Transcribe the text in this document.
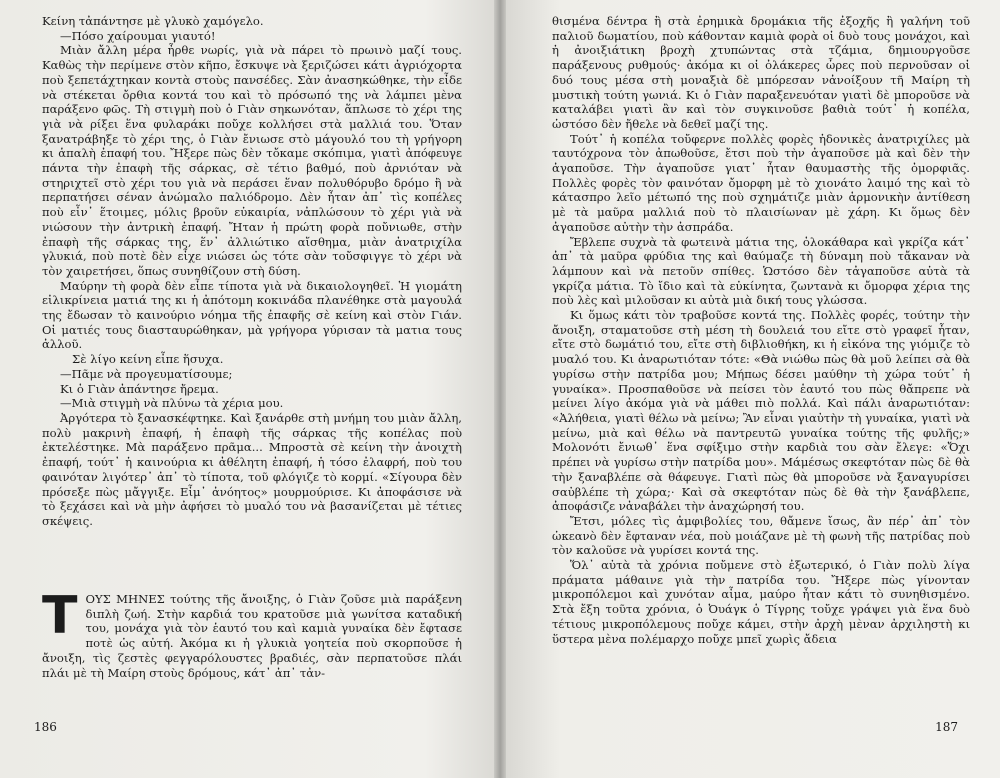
Κείνη τἀπάντησε μὲ γλυκὸ χαμόγελο.

—Πόσο χαίρουμαι γιαυτό!

Μιὰν ἄλλη μέρα ἦρθε νωρίς, γιὰ νὰ πάρει τὸ πρωινὸ μαζί τους. Καθὼς τὴν περίμενε στὸν κῆπο, ἔσκυψε νὰ ξεριζώσει κάτι ἀγριόχορτα ποὺ ξεπετάχτηκαν κοντὰ στοὺς πανσέδες. Σὰν ἀνασηκώθηκε, τὴν εἶδε νὰ στέκεται ὄρθια κοντά του καὶ τὸ πρόσωπό της νὰ λάμπει μὲνα παράξενο φῶς. Τὴ στιγμὴ ποὺ ὁ Γιὰν σηκωνόταν, ἅπλωσε τὸ χέρι της γιὰ νὰ ρίξει ἕνα φυλαράκι ποὔχε κολλήσει στὰ μαλλιά του. Ὅταν ξανατράβηξε τὸ χέρι της, ὁ Γιὰν ἔνιωσε στὸ μάγουλό του τὴ γρήγορη κι ἁπαλὴ ἐπαφή του. Ἤξερε πὼς δὲν τὄκαμε σκόπιμα, γιατὶ ἀπόφευγε πάντα τὴν ἐπαφὴ τῆς σάρκας, σὲ τέτιο βαθμό, ποὺ ἀρνιόταν νὰ στηριχτεῖ στὸ χέρι του γιὰ νὰ περάσει ἕναν πολυθόρυβο δρόμο ἢ νὰ περπατήσει σέναν ἀνώμαλο παλιόδρομο. Δὲν ἦταν ἀπ᾿ τὶς κοπέλες ποὺ εἶν᾿ ἕτοιμες, μόλις βροῦν εὐκαιρία, νἀπλώσουν τὸ χέρι γιὰ νὰ νιώσουν τὴν ἀντρικὴ ἐπαφή. Ἤταν ἡ πρώτη φορὰ ποὔνιωθε, στὴν ἐπαφὴ τῆς σάρκας της, ἕν᾿ ἀλλιώτικο αἴσθημα, μιὰν ἀνατριχίλα γλυκιά, ποὺ ποτὲ δὲν εἶχε νιώσει ὡς τότε σὰν τοὔσφιγγε τὸ χέρι νὰ τὸν χαιρετήσει, ὅπως συνηθίζουν στὴ δύση.

Μαύρην τὴ φορὰ δὲν εἶπε τίποτα γιὰ νὰ δικαιολογηθεῖ. Ἡ γιομάτη εἰλικρίνεια ματιά της κι ἡ ἀπότομη κοκινάδα πλανέθηκε στὰ μαγουλά της ἔδωσαν τὸ καινούριο νόημα τῆς ἐπαφῆς σὲ κείνη καὶ στὸν Γιάν. Οἱ ματιές τους διασταυρώθηκαν, μὰ γρήγορα γύρισαν τὰ ματια τους ἀλλοῦ.

Σὲ λίγο κείνη εἶπε ἥσυχα.

—Πᾶμε νὰ προγευματίσουμε;

Κι ὁ Γιὰν ἀπάντησε ἤρεμα.

—Μιὰ στιγμὴ νὰ πλύνω τὰ χέρια μου.

Ἀργότερα τὸ ξανασκέφτηκε. Καὶ ξανάρθε στὴ μνήμη του μιὰν ἄλλη, πολὺ μακρινὴ ἐπαφή, ἡ ἐπαφὴ τῆς σάρκας τῆς κοπέλας ποὺ ἐκτελέστηκε. Μὰ παράξενο πρᾶμα... Μπροστὰ σὲ κείνη τὴν ἀνοιχτὴ ἐπαφή, τούτ᾿ ἡ καινούρια κι ἀθέλητη ἐπαφή, ἡ τόσο ἐλαφρή, ποὺ του φαινόταν λιγότερ᾿ ἀπ᾿ τὸ τίποτα, τοῦ φλόγιζε τὸ κορμί. «Σίγουρα δὲν πρόσεξε πὼς μἄγγιξε. Εἶμ᾿ ἀνόητος» μουρμούρισε. Κι ἀποφάσισε νὰ τὸ ξεχάσει καὶ νὰ μὴν ἀφήσει τὸ μυαλό του νὰ βασανίζεται μὲ τέτιες σκέψεις.

Τ ΟΥΣ ΜΗΝΕΣ τούτης τῆς ἄνοιξης, ὁ Γιὰν ζοῦσε μιὰ παράξενη διπλὴ ζωή. Στὴν καρδιά του κρατοῦσε μιὰ γωνίτσα καταδική του, μονάχα γιὰ τὸν ἑαυτό του καὶ καμιὰ γυναίκα δὲν ἔφτασε ποτὲ ὡς αὐτή. Ἀκόμα κι ἡ γλυκιὰ γοητεία ποὺ σκορποῦσε ἡ ἄνοιξη, τὶς ζεστὲς φεγγαρόλουστες βραδιές, σὰν περπατοῦσε πλάι πλάι μὲ τὴ Μαίρη στοὺς δρόμους, κάτ᾿ ἀπ᾿ τἀν-
186

θισμένα δέντρα ἢ στὰ ἐρημικὰ δρομάκια τῆς ἐξοχῆς ἢ γαλήνη τοῦ παλιοῦ δωματίου, ποὺ κάθονταν καμιὰ φορὰ οἱ δυὸ τους μονάχοι, καὶ ἡ ἀνοιξιάτικη βροχὴ χτυπώντας στὰ τζάμια, δημιουργοῦσε παράξενους ρυθμούς· ἀκόμα κι οἱ ὀλάκερες ὧρες ποὺ περνοῦσαν οἱ δυό τους μέσα στὴ μοναξιὰ δὲ μπόρεσαν νἀνοίξουν τῆ Μαίρη τὴ μυστικὴ τούτη γωνιά. Κι ὁ Γιὰν παραξενευόταν γιατὶ δὲ μποροῦσε νὰ καταλάβει γιατὶ ἂν καὶ τὸν συγκινοῦσε βαθιὰ τούτ᾿ ἡ κοπέλα, ὡστόσο δὲν ἤθελε νὰ δεθεῖ μαζί της.

Τούτ᾿ ἡ κοπέλα τοὔφερνε πολλὲς φορὲς ἡδονικὲς ἀνατριχίλες μὰ ταυτόχρονα τὸν ἀπωθοῦσε, ἔτσι ποὺ τὴν ἀγαποῦσε μὰ καὶ δὲν τὴν ἀγαποῦσε. Τὴν ἀγαποῦσε γιατ᾿ ἦταν θαυμαστὴς τῆς ὀμορφιᾶς. Πολλὲς φορὲς τὸν φαινόταν ὄμορφη μὲ τὸ χιονάτο λαιμό της καὶ τὸ κάτασπρο λεῖο μέτωπό της ποὺ σχημάτιζε μιὰν ἁρμονικὴν ἀντίθεση μὲ τὰ μαῦρα μαλλιά ποὺ τὸ πλαισίωναν μὲ χάρη. Κι ὅμως δὲν ἀγαποῦσε αὐτὴν τὴν ἀσπράδα.

Ἔβλεπε συχνὰ τὰ φωτεινὰ μάτια της, ὁλοκάθαρα καὶ γκρίζα κάτ᾿ ἀπ᾿ τὰ μαῦρα φρύδια της καὶ θαύμαζε τὴ δύναμη ποὺ τἄκαναν νὰ λάμπουν καὶ νὰ πετοῦν σπίθες. Ὡστόσο δὲν τἀγαποῦσε αὐτὰ τὰ γκρίζα μάτια. Τὸ ἴδιο καὶ τὰ εὐκίνητα, ζωντανὰ κι ὄμορφα χέρια της ποὺ λὲς καὶ μιλοῦσαν κι αὐτὰ μιὰ δική τους γλώσσα.

Κι ὅμως κάτι τὸν τραβοῦσε κοντά της. Πολλὲς φορές, τούτην τὴν ἄνοιξη, σταματοῦσε στὴ μέση τὴ δουλειά του εἴτε στὸ γραφεῖ ἦταν, εἴτε στὸ δωμάτιό του, εἴτε στὴ διβλιοθήκη, κι ἡ εἰκόνα της γιόμιζε τὸ μυαλό του. Κι ἀναρωτιόταν τότε: «Θὰ νιώθω πὼς θὰ μοῦ λείπει σὰ θὰ γυρίσω στὴν πατρίδα μου; Μήπως δέσει μαύθην τὴ χώρα τούτ᾿ ἡ γυναίκα». Προσπαθοῦσε νὰ πείσει τὸν ἑαυτό του πὼς θἄπρεπε νὰ μείνει λίγο ἀκόμα γιὰ νὰ μάθει πιὸ πολλά. Καὶ πάλι ἀναρωτιόταν: «Ἀλήθεια, γιατὶ θέλω νὰ μείνω; Ἂν εἶναι γιαὐτὴν τὴ γυναίκα, γιατὶ νὰ μείνω, μιὰ καὶ θέλω νὰ παντρευτῶ γυναίκα τούτης τῆς φυλῆς;» Μολονότι ἔνιωθ᾿ ἕνα σφίξιμο στὴν καρδιὰ του σὰν ἔλεγε: «Ὄχι πρέπει νὰ γυρίσω στὴν πατρίδα μου». Μάμέσως σκεφτόταν πὼς δὲ θὰ τὴν ξαναβλέπε σὰ θάφευγε. Γιατὶ πὼς θὰ μποροῦσε νὰ ξαναγυρίσει σαὐβλέπε τὴ χώρα;· Καὶ σὰ σκεφτόταν πὼς δὲ θὰ τὴν ξανάβλεπε, ἀποφάσιζε νἀναβάλει τὴν ἀναχώρησή του.

Ἔτσι, μόλες τὶς ἀμφιβολίες του, θἄμενε ἴσως, ἂν πέρ᾿ ἀπ᾿ τὸν ὠκεανὸ δὲν ἔφταναν νέα, ποὺ μοιάζανε μὲ τὴ φωνὴ τῆς πατρίδας ποὺ τὸν καλοῦσε νὰ γυρίσει κοντά της.

Ὅλ᾿ αὐτὰ τὰ χρόνια ποὔμενε στὸ ἐξωτερικό, ὁ Γιὰν πολὺ λίγα πράματα μάθαινε γιὰ τὴν πατρίδα του. Ἤξερε πὼς γίνονταν μικροπόλεμοι καὶ χυνόταν αἷμα, μαύρο ἦταν κάτι τὸ συνηθισμένο. Στὰ ἔξη τοῦτα χρόνια, ὁ Ὀυάγκ ὁ Τίγρης τοὔχε γράψει γιὰ ἕνα δυὸ τέτιους μικροπόλεμους ποὔχε κάμει, στὴν ἀρχὴ μὲναν ἀρχιληστὴ κι ὕστερα μὲνα πολέμαρχο ποὔχε μπεῖ χωρὶς ἄδεια

187
